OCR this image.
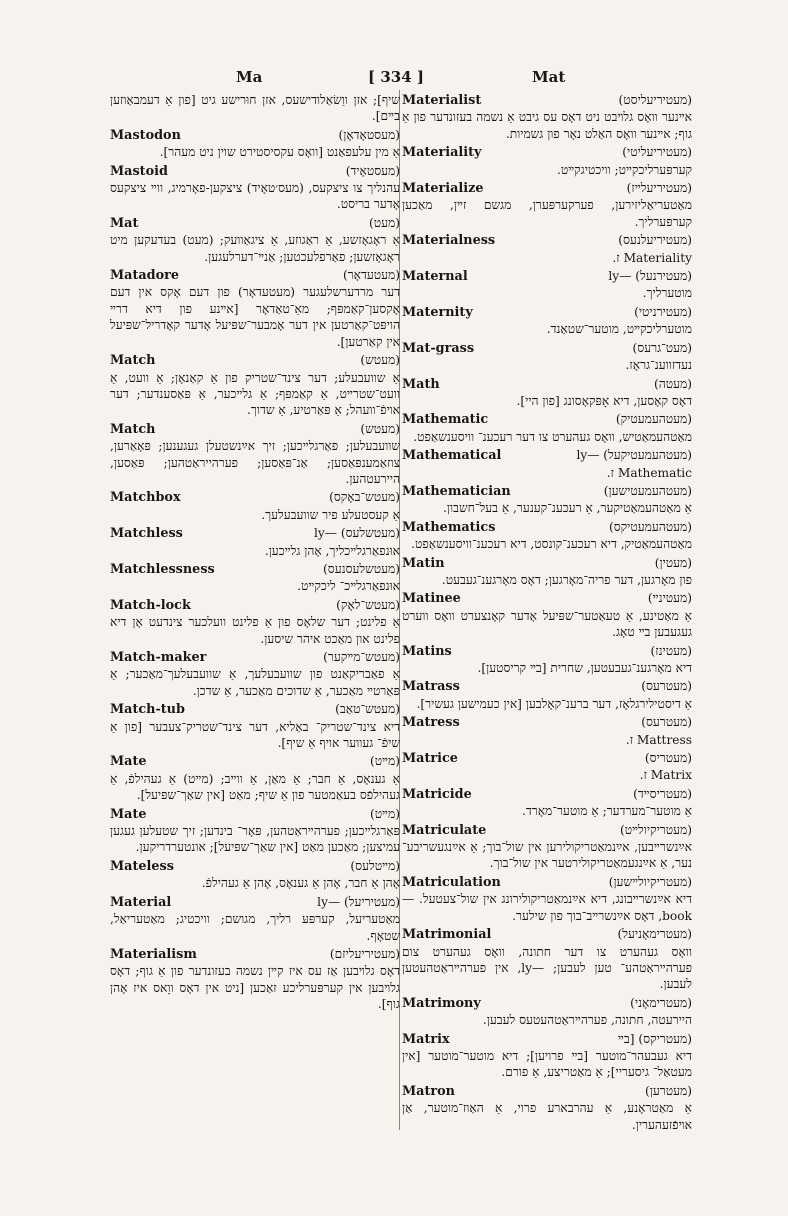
Ma	[ 334 ]	Mat
שיף]; אזן ווַשׂאַלודישעס, אזן חוּרישע גיט [פון אַ דעמבאַוזען בײם].
Mastodon	(מעסטאָדאָן)
אַ מין עלעפאַנט [וואָס עקסיסטירט שוין ניט מעהר].
Mastoid	(מעסטאָיד)
עהנליך צו ציצקעס, (מעס׳טאָיד) ציצקען-פאָרמיג, ווײ ציצקעס אָדער בריסט.
Mat	(מעט)
אַ ראָגאָזשע, אַ ראַגוזע, אַ ציגאַוועק; (מעט) בעדעקען מיט ראָגאָזשען; פאַרפלעכטען; אַנײ־דערלעגען.
Matadore	(מעטעדאָר)
דער מרדערשלעגער (מעטעדאָר) פון דעם אָקס אין דעם אָקסען־קאַמפּף; מאַ־טאַדאָר [אײנע פון דיא דרײ הויפּט־קאַרטען אין דער אָמבער־שפּיעל אָדער קאָדריל־שפּיעל אין קאַרטען].
Match	(מעטש)
אַ שוועבעלע; דער צינד־שטריק פון אַ קאַנאָן; אַ וועט, אַ וועט־שטרײט, אַ קאַמפּף; אַ גלײכער, אַ פּאַסענדער; דער אױפֿ־וועהל; אַ פּאַרטיע, אַ שדוך.
Match	(מעטש)
שוועבעלען; פאַרגלײכען; זיך אײַנשטעלן געגענען; פּאָאַרען, צוזאַמענפּאַסען; אַנ־פּאַסען; פערהייראַטהען; פּאַסען, היירעטהען.
Matchbox	(מעטש־באָקס)
אַ קעסטעלע פיר שוועבעלעך.
Matchless	(מעטשלעס) —ly
אוּנפאַרגלײכליך, אָהן גלײכען.
Matchlessness	(מעטשלעסנעס)
אוּנפאַרגלײכ־ ליכקײט.
Match-lock	(מעטש־לאָק)
אַ פלינט; דער שלאָס פון אַ פלינט וועלכער צינדעט אָן דיא פלינט און מאַכט איהר שיסען.
Match-maker	(מעטש־מײקער)
אַ פאַבריקאַנט פון שוועבעלעך, אַ שוועבעלעך־מאַכער; אַ פּאַרטײ מאַכער, אַ שדוכים מאַכער, אַ שדכן.
Match-tub	(מעטש־טאַב)
דיא צינד־שטריק־ באַליא, דער צינד־שטריק־צעבער [פון אַ שיפֿ־ געווער אויף אַ שיף].
Mate	(מײט)
אַ גענאָס, אַ חבר; אַ מאַן, אַ ווײב; (מײט) אַ געהילפֿ, אַ געהילפֿס בעאַמטער פון אַ שיף; מאַט [אין שאַך־שפּיעל].
Mate	(מײט)
פּאַרגלײכען; פערהײראַטהען, פּאָר־ בינדען; זיך שטעלען געגען עמיצען; מאַכען מאַט [אין שאַך־שפּיעל]; אונטערדריקען.
Mateless	(מײטלעס)
אָהן אַ חבר, אָהן אַ גענאָס, אָהן אַ געהילפֿ.
Material	(מעטיריעל) —ly
מאַטעריעל, קערפּעּ רליך, מגושם; וויכטיג; מאַטעריאַל, שטאָף.
Materialism	(מעטיריעליזם)
דאָס גלױבען אַז עס איז קײן נשמה בעזונדער פון אַ גוף; דאָס גלױבען אין קערפּערליכע זאַכען [ניט אין דאָס ווָאס איז אָהן גוף].
Materialist	(מעטיריעליסט)
אײנער וואָס גלױבט ניט דאָס עס גיבט אַ נשמה בעזונדער פון אַ גוף; אײנער וואָס האַלט נאָר פון גשמיות.
Materiality	(מעטיריעליטי)
קערפּערליכקײט; וויכטיגקײט.
Materialize	(מעטיריעלײז)
מאַטעריאַליזירען, פערקערפּערן, מגשם זײן, מאַכען קערפּערליך.
Materialness	(מעטיריעלנעס)
Materiality ז.
Maternal	(מעטירנעל) —ly
מוטערליך.
Maternity	(מעטירניטי)
מוטערליכקײט, מוטער־שטאַנד.
Mat-grass	(מעט־גרעס)
נעדזווענ־גראָז.
Math	(מעטה)
דאָס קאָסען, דיא אָפּקאָסונג [פון היי].
Mathematic	(מעטהעמעטיק)
מאַטהעמאַטיש, וואָס געהערט צו דער רעכענ־ וויסענשאַפט.
Mathematical	(מעטהעמעטיקעל) —ly
Mathematic ז.
Mathematician	(מעטהעמעטישען)
אַ מאַטהעמאַטיקער, אַ רעכענ־קענער, אַ בעל־חשבון.
Mathematics	(מעטהעמעטיקס)
מאַטהעמאַטיק, דיא רעכענ־קונסט, דיא רעכענ־וויסענשאַפט.
Matin	(מעטין)
פון מאָרגען, דער פריה־מאָרגען; דאָס מאָרגענ־געבעט.
Matinee	(מעטינײ)
אַ מאַטינע, אַ טעאַטער־שפּיעל אָדער קאָנצערט וואָס ווערט געגעבען בײ טאָג.
Matins	(מעטינז)
דיא מאָרגענ־געבעטען, שחרית [בײ קריסטען].
Matrass	(מעטרעס)
אַ דיסטילירגלאָז, דער ברענ־קאָלבען [אין כעמישען געשיר].
Matress	(מעטרעס)
Mattress ז.
Matrice	(מעטריס)
Matrix ז.
Matricide	(מעטריסײד)
אַ מוטער־מערדער; אַ מוטער־מאָרד.
Matriculate	(מעטריקיולײט)
אײַנשרײבען, אײַנמאַטריקולירען אין שול־בוך; אַ אײַנגעשריבע־ נער, אַ אײַנגעמאַטריקולירטער אין שול־בוך.
Matriculation	(מעטריקיולײשען)
דיא אײַנשרײבונג, דיא אײַנמאַטריקולירונג אין שול־צעטעל. —book, דאָס אײַנשרײב־בוך פון שילער.
Matrimonial	(מעטרימאָניעל)
וואָס געהערט צו דער חתונה, וואָס געהערט צום פערהײראַטהע־ טען לעבען; —ly, אין פערהײראַטהעטען לעבען.
Matrimony	(מעטרימאָני)
היירעטה, חתונה, פערהײראַטהעטעס לעבען.
Matrix	(מעטריקס) [בײ
דיא געבעהר־מוטער [בײ פרויען]; דיא מוטער־מוטער [אין מעטאַל־ גיסעריי]; אַ מאַטריצע, אַ פורם.
Matron	(מעטרען)
אַ מאַטראָנע, אַ עהרבארע פרוי, אַ האַוז־מוטער, אַן אױפֿזעהערין.
